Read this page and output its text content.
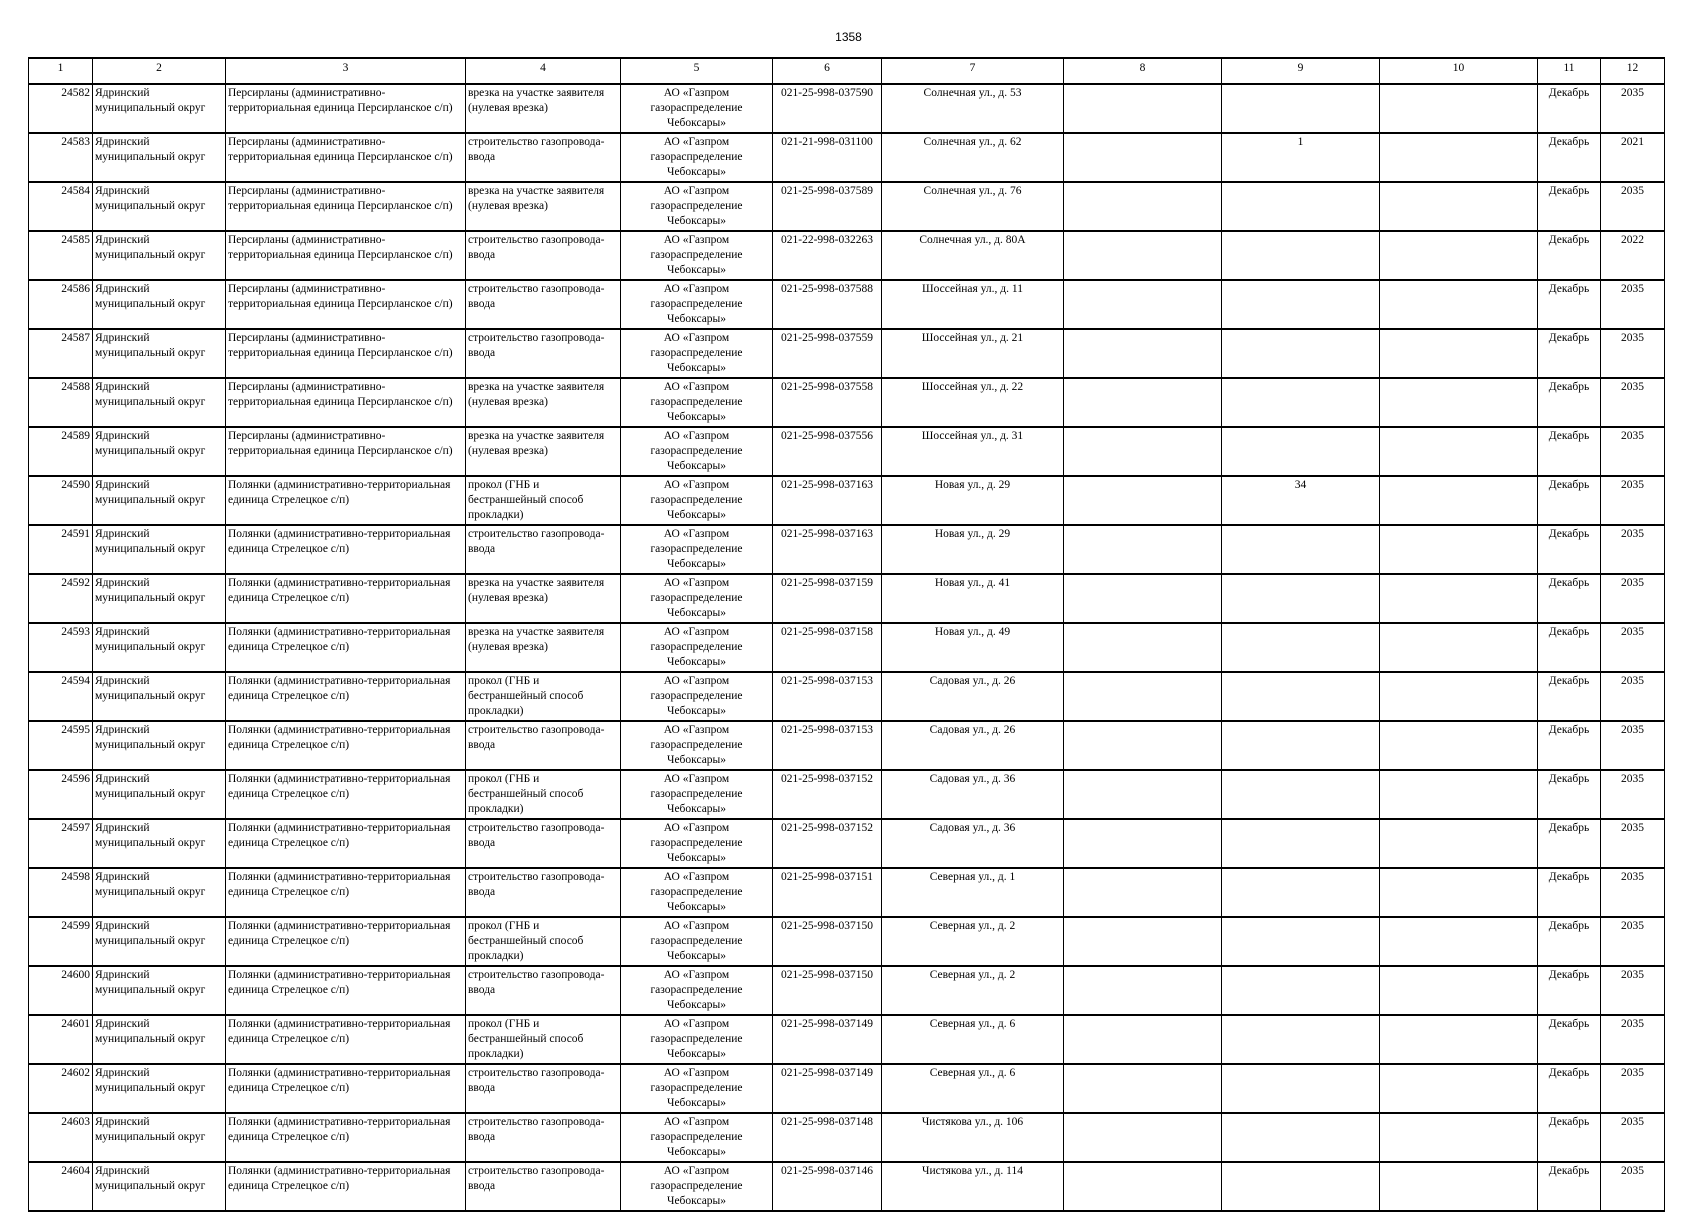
1358
1	2	3	4	5	6	7	8	9	10	11	12
24582	Ядринский муниципальный округ	Персирланы (административно-территориальная единица Персирланское с/п)	врезка на участке заявителя (нулевая врезка)	АО «Газпром газораспределение Чебоксары»	021-25-998-037590	Солнечная ул., д. 53				Декабрь	2035
24583	Ядринский муниципальный округ	Персирланы (административно-территориальная единица Персирланское с/п)	строительство газопровода-ввода	АО «Газпром газораспределение Чебоксары»	021-21-998-031100	Солнечная ул., д. 62		1		Декабрь	2021
24584	Ядринский муниципальный округ	Персирланы (административно-территориальная единица Персирланское с/п)	врезка на участке заявителя (нулевая врезка)	АО «Газпром газораспределение Чебоксары»	021-25-998-037589	Солнечная ул., д. 76				Декабрь	2035
24585	Ядринский муниципальный округ	Персирланы (административно-территориальная единица Персирланское с/п)	строительство газопровода-ввода	АО «Газпром газораспределение Чебоксары»	021-22-998-032263	Солнечная ул., д. 80А				Декабрь	2022
24586	Ядринский муниципальный округ	Персирланы (административно-территориальная единица Персирланское с/п)	строительство газопровода-ввода	АО «Газпром газораспределение Чебоксары»	021-25-998-037588	Шоссейная ул., д. 11				Декабрь	2035
24587	Ядринский муниципальный округ	Персирланы (административно-территориальная единица Персирланское с/п)	строительство газопровода-ввода	АО «Газпром газораспределение Чебоксары»	021-25-998-037559	Шоссейная ул., д. 21				Декабрь	2035
24588	Ядринский муниципальный округ	Персирланы (административно-территориальная единица Персирланское с/п)	врезка на участке заявителя (нулевая врезка)	АО «Газпром газораспределение Чебоксары»	021-25-998-037558	Шоссейная ул., д. 22				Декабрь	2035
24589	Ядринский муниципальный округ	Персирланы (административно-территориальная единица Персирланское с/п)	врезка на участке заявителя (нулевая врезка)	АО «Газпром газораспределение Чебоксары»	021-25-998-037556	Шоссейная ул., д. 31				Декабрь	2035
24590	Ядринский муниципальный округ	Полянки (административно-территориальная единица Стрелецкое с/п)	прокол (ГНБ и бестраншейный способ прокладки)	АО «Газпром газораспределение Чебоксары»	021-25-998-037163	Новая ул., д. 29		34		Декабрь	2035
24591	Ядринский муниципальный округ	Полянки (административно-территориальная единица Стрелецкое с/п)	строительство газопровода-ввода	АО «Газпром газораспределение Чебоксары»	021-25-998-037163	Новая ул., д. 29				Декабрь	2035
24592	Ядринский муниципальный округ	Полянки (административно-территориальная единица Стрелецкое с/п)	врезка на участке заявителя (нулевая врезка)	АО «Газпром газораспределение Чебоксары»	021-25-998-037159	Новая ул., д. 41				Декабрь	2035
24593	Ядринский муниципальный округ	Полянки (административно-территориальная единица Стрелецкое с/п)	врезка на участке заявителя (нулевая врезка)	АО «Газпром газораспределение Чебоксары»	021-25-998-037158	Новая ул., д. 49				Декабрь	2035
24594	Ядринский муниципальный округ	Полянки (административно-территориальная единица Стрелецкое с/п)	прокол (ГНБ и бестраншейный способ прокладки)	АО «Газпром газораспределение Чебоксары»	021-25-998-037153	Садовая ул., д. 26				Декабрь	2035
24595	Ядринский муниципальный округ	Полянки (административно-территориальная единица Стрелецкое с/п)	строительство газопровода-ввода	АО «Газпром газораспределение Чебоксары»	021-25-998-037153	Садовая ул., д. 26				Декабрь	2035
24596	Ядринский муниципальный округ	Полянки (административно-территориальная единица Стрелецкое с/п)	прокол (ГНБ и бестраншейный способ прокладки)	АО «Газпром газораспределение Чебоксары»	021-25-998-037152	Садовая ул., д. 36				Декабрь	2035
24597	Ядринский муниципальный округ	Полянки (административно-территориальная единица Стрелецкое с/п)	строительство газопровода-ввода	АО «Газпром газораспределение Чебоксары»	021-25-998-037152	Садовая ул., д. 36				Декабрь	2035
24598	Ядринский муниципальный округ	Полянки (административно-территориальная единица Стрелецкое с/п)	строительство газопровода-ввода	АО «Газпром газораспределение Чебоксары»	021-25-998-037151	Северная ул., д. 1				Декабрь	2035
24599	Ядринский муниципальный округ	Полянки (административно-территориальная единица Стрелецкое с/п)	прокол (ГНБ и бестраншейный способ прокладки)	АО «Газпром газораспределение Чебоксары»	021-25-998-037150	Северная ул., д. 2				Декабрь	2035
24600	Ядринский муниципальный округ	Полянки (административно-территориальная единица Стрелецкое с/п)	строительство газопровода-ввода	АО «Газпром газораспределение Чебоксары»	021-25-998-037150	Северная ул., д. 2				Декабрь	2035
24601	Ядринский муниципальный округ	Полянки (административно-территориальная единица Стрелецкое с/п)	прокол (ГНБ и бестраншейный способ прокладки)	АО «Газпром газораспределение Чебоксары»	021-25-998-037149	Северная ул., д. 6				Декабрь	2035
24602	Ядринский муниципальный округ	Полянки (административно-территориальная единица Стрелецкое с/п)	строительство газопровода-ввода	АО «Газпром газораспределение Чебоксары»	021-25-998-037149	Северная ул., д. 6				Декабрь	2035
24603	Ядринский муниципальный округ	Полянки (административно-территориальная единица Стрелецкое с/п)	строительство газопровода-ввода	АО «Газпром газораспределение Чебоксары»	021-25-998-037148	Чистякова ул., д. 106				Декабрь	2035
24604	Ядринский муниципальный округ	Полянки (административно-территориальная единица Стрелецкое с/п)	строительство газопровода-ввода	АО «Газпром газораспределение Чебоксары»	021-25-998-037146	Чистякова ул., д. 114				Декабрь	2035
